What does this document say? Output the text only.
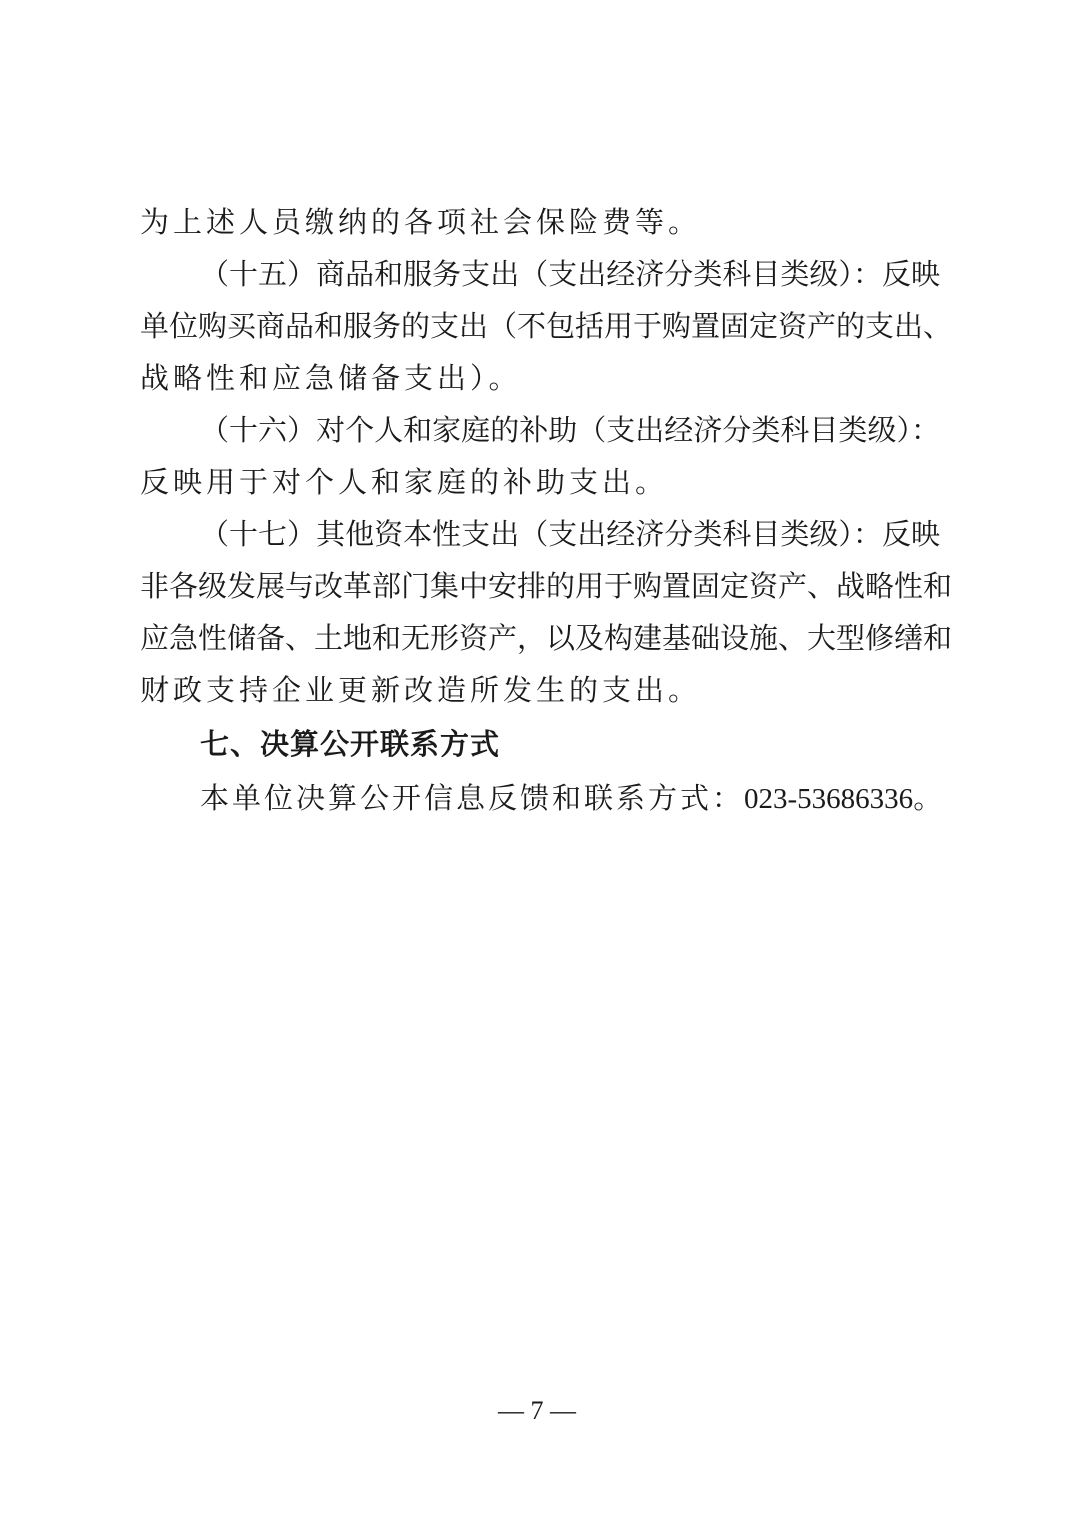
为上述人员缴纳的各项社会保险费等。
（十五）商品和服务支出（支出经济分类科目类级）：反映
单位购买商品和服务的支出（不包括用于购置固定资产的支出、
战略性和应急储备支出）。
（十六）对个人和家庭的补助（支出经济分类科目类级）：
反映用于对个人和家庭的补助支出。
（十七）其他资本性支出（支出经济分类科目类级）：反映
非各级发展与改革部门集中安排的用于购置固定资产、战略性和
应急性储备、土地和无形资产，以及构建基础设施、大型修缮和
财政支持企业更新改造所发生的支出。
七、决算公开联系方式
本单位决算公开信息反馈和联系方式：023-53686336。
— 7 —
